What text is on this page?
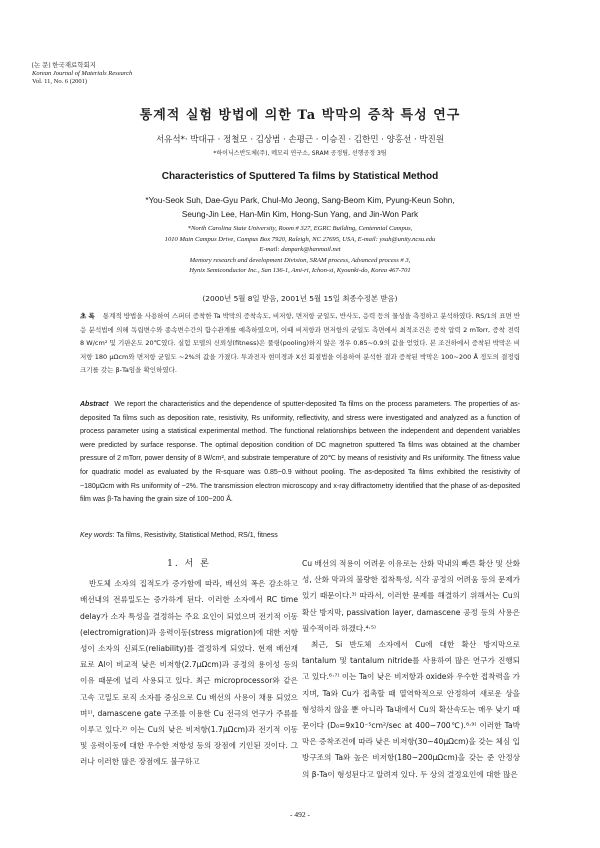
[논 문] 한국재료학회지
Korean Journal of Materials Research
Vol. 11, No. 6 (2001)
통계적 실험 방법에 의한 Ta 박막의 증착 특성 연구
서유석*· 박대규 · 정철모 · 김상범 · 손평근 · 이승진 · 김한민 · 양홍선 · 박진원
*하이닉스반도체(주), 메모리 연구소, SRAM 공정팀, 선행공정 3팀
Characteristics of Sputtered Ta films by Statistical Method
*You-Seok Suh, Dae-Gyu Park, Chul-Mo Jeong, Sang-Beom Kim, Pyung-Keun Sohn,
Seung-Jin Lee, Han-Min Kim, Hong-Sun Yang, and Jin-Won Park
*North Carolina State University, Room # 327, EGRC Building, Centennial Campus,
1010 Main Campus Drive, Campus Box 7920, Raleigh, NC 27695, USA, E-mail: ysuh@unity.ncsu.edu
E-mail: danpark@hanmail.net
Memory research and development Division, SRAM process, Advanced process # 3,
Hynix Semiconductor Inc., San 136-1, Ami-ri, Ichon-si, Kyounki-do, Korea 467-701
(2000년 5월 8일 받음, 2001년 5월 15일 최종수정본 받음)
초 록 통계적 방법을 사용하여 스퍼터 증착한 Ta 박막의 증착속도, 비저항, 면저항 균일도, 반사도, 응력 등의 물성을 측정하고 분석하였다. RS/1의 표면 반응 분석법에 의해 독립변수와 종속변수간의 함수관계를 예측하였으며, 이때 비저항과 면저항의 균일도 측면에서 최적조건은 증착 압력 2 mTorr, 증착 전력 8 W/cm² 및 기판온도 20℃였다. 실험 모델의 신뢰성(fitness)은 풀링(pooling)하지 않은 경우 0.85~0.9의 값을 얻었다. 본 조건하에서 증착된 박막은 비저항 180 μΩcm와 면저항 균일도 ~2%의 값을 가졌다. 투과전자 현미경과 X선 회절법을 이용하여 분석한 결과 증착된 박막은 100~200 Å 정도의 결정립 크기를 갖는 β-Ta임을 확인하였다.
Abstract We report the characteristics and the dependence of sputter-deposited Ta films on the process parameters. The properties of as-deposited Ta films such as deposition rate, resistivity, Rs uniformity, reflectivity, and stress were investigated and analyzed as a function of process parameter using a statistical experimental method. The functional relationships between the independent and dependent variables were predicted by surface response. The optimal deposition condition of DC magnetron sputtered Ta films was obtained at the chamber pressure of 2 mTorr, power density of 8 W/cm², and substrate temperature of 20℃ by means of resistivity and Rs uniformity. The fitness value for quadratic model as evaluated by the R-square was 0.85~0.9 without pooling. The as-deposited Ta films exhibited the resistivity of ~180μΩcm with Rs uniformity of ~2%. The transmission electron microscopy and x-ray diffractometry identified that the phase of as-deposited film was β-Ta having the grain size of 100~200 Å.
Key words: Ta films, Resistivity, Statistical Method, RS/1, fitness
1. 서 론

반도체 소자의 집적도가 증가함에 따라, 배선의 폭은 감소하고 배선내의 전류밀도는 증가하게 된다. 이러한 소자에서 RC time delay가 소자 특성을 결정하는 주요 요인이 되었으며 전기적 이동(electromigration)과 응력이동(stress migration)에 대한 저항성이 소자의 신뢰도(reliability)를 결정하게 되었다. 현재 배선재료로 Al이 비교적 낮은 비저항(2.7μΩcm)과 공정의 용이성 등의 이유 때문에 널리 사용되고 있다. 최근 microprocessor와 같은 고속 고밀도 로직 소자를 중심으로 Cu 배선의 사용이 채용 되었으며¹⁾, damascene gate 구조를 이용한 Cu 전극의 연구가 주류를 이루고 있다.²⁾ 이는 Cu의 낮은 비저항(1.7μΩcm)과 전기적 이동 및 응력이동에 대한 우수한 저항성 등의 장점에 기인된 것이다. 그러나 이러한 많은 장점에도 불구하고

Cu 배선의 적용이 어려운 이유로는 산화 막내의 빠른 확산 및 산화성, 산화 막과의 불량한 접착특성, 식각 공정의 어려움 등의 문제가 있기 때문이다.³⁾ 따라서, 이러한 문제를 해결하기 위해서는 Cu의 확산 방지막, passivation layer, damascene 공정 등의 사용은 필수적이라 하겠다.⁴·⁵⁾

최근, Si 반도체 소자에서 Cu에 대한 확산 방지막으로 tantalum 및 tantalum nitride를 사용하여 많은 연구가 진행되고 있다.⁶·⁷⁾ 이는 Ta이 낮은 비저항과 oxide와 우수한 접착력을 가지며, Ta와 Cu가 접촉할 때 열역학적으로 안정하여 새로운 상을 형성하지 않을 뿐 아니라 Ta내에서 Cu의 확산속도는 매우 낮기 때문이다 (D₀=9x10⁻⁵cm²/sec at 400~700℃).⁸·⁹⁾ 이러한 Ta박막은 증착조건에 따라 낮은 비저항(30~40μΩcm)을 갖는 체심 입방구조의 Ta와 높은 비저항(180~200μΩcm)을 갖는 준 안정상의 β-Ta이 형성된다고 알려져 있다. 두 상의 결정요인에 대한 많은

- 492 -
